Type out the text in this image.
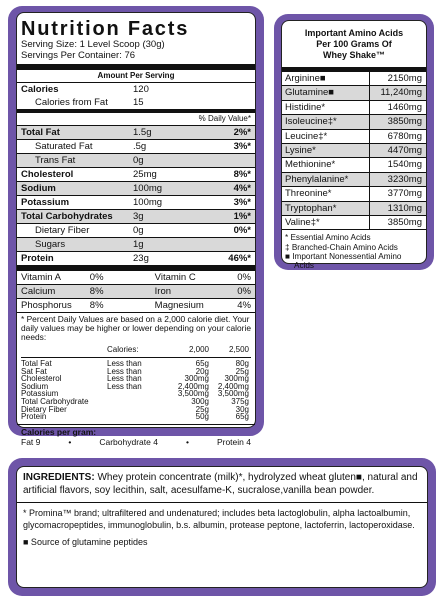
Nutrition Facts
Serving Size: 1 Level Scoop (30g)
Servings Per Container: 76
Amount Per Serving
Calories	120
Calories from Fat	15
% Daily Value*
Total Fat	1.5g	2%*
Saturated Fat	.5g	3%*
Trans Fat	0g
Cholesterol	25mg	8%*
Sodium	100mg	4%*
Potassium	100mg	3%*
Total Carbohydrates	3g	1%*
Dietary Fiber	0g	0%*
Sugars	1g
Protein	23g	46%*
Vitamin A	0%	Vitamin C	0%
Calcium	8%	Iron	0%
Phosphorus	8%	Magnesium	4%
* Percent Daily Values are based on a 2,000 calorie diet. Your daily values may be higher or lower depending on your calorie needs:
Calories:	2,000	2,500
Total Fat	Less than	65g	80g
Sat Fat	Less than	20g	25g
Cholesterol	Less than	300mg	300mg
Sodium	Less than	2,400mg	2,400mg
Potassium	3,500mg	3,500mg
Total Carbohydrate	300g	375g
Dietary Fiber	25g	30g
Protein	50g	65g
Calories per gram:
Fat 9	•	Carbohydrate 4	•	Protein 4
Important Amino Acids
Per 100 Grams Of
Whey Shake™
Arginine■	2150mg
Glutamine■	11,240mg
Histidine*	1460mg
Isoleucine‡*	3850mg
Leucine‡*	6780mg
Lysine*	4470mg
Methionine*	1540mg
Phenylalanine*	3230mg
Threonine*	3770mg
Tryptophan*	1310mg
Valine‡*	3850mg
* Essential Amino Acids
‡ Branched-Chain Amino Acids
■ Important Nonessential Amino Acids
INGREDIENTS: Whey protein concentrate (milk)*, hydrolyzed wheat gluten■, natural and artificial flavors, soy lecithin, salt, acesulfame-K, sucralose,vanilla bean powder.
* Promina™ brand; ultrafiltered and undenatured; includes beta lactoglobulin, alpha lactoalbumin, glycomacropeptides, immunoglobulin, b.s. albumin, protease peptone, lactoferrin, lactoperoxidase.
■ Source of glutamine peptides
